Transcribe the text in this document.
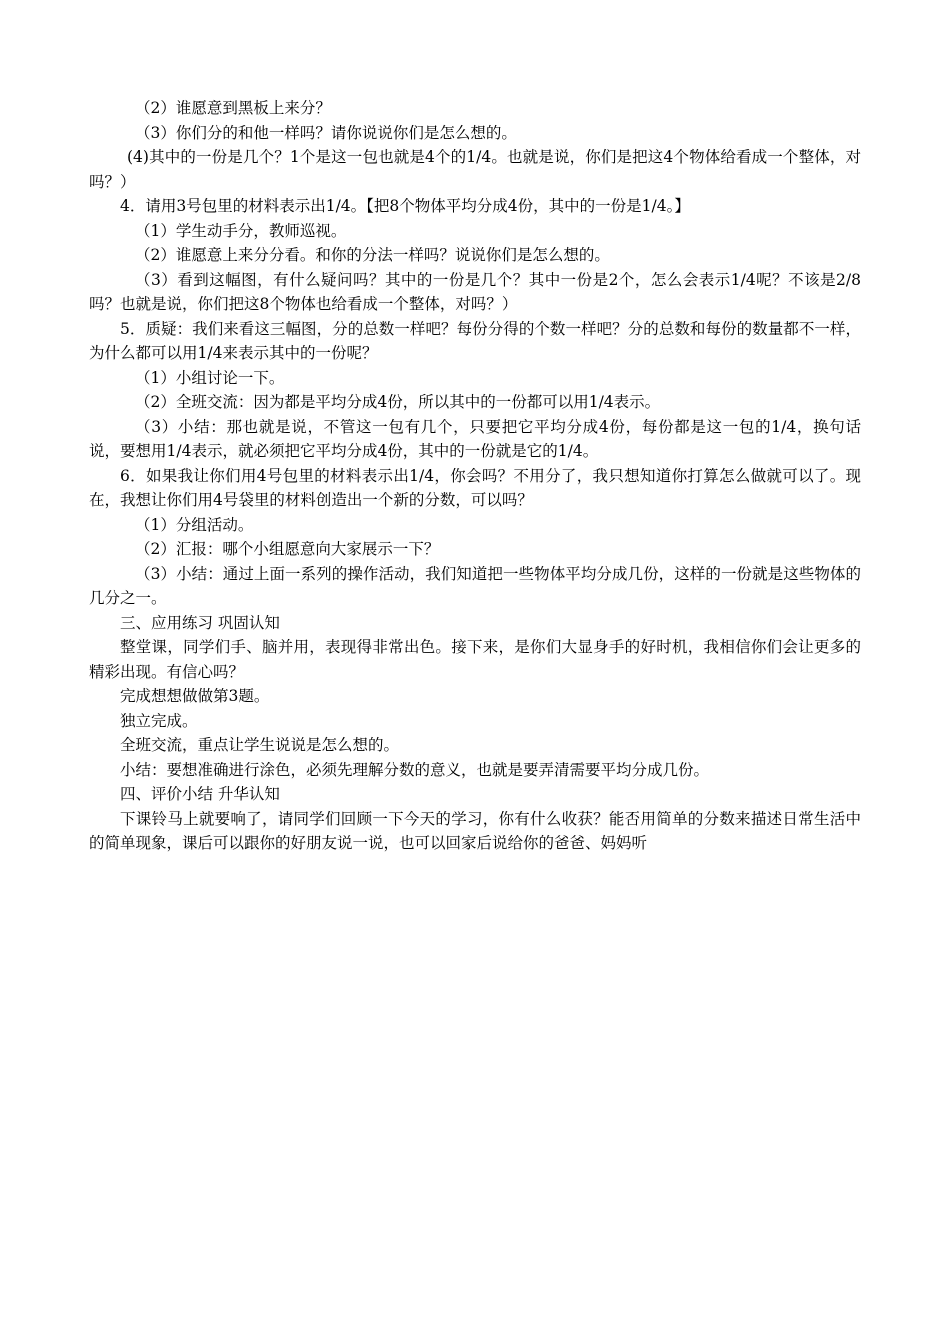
（2）谁愿意到黑板上来分？

（3）你们分的和他一样吗？请你说说你们是怎么想的。

(4)其中的一份是几个？1个是这一包也就是4个的1/4。也就是说，你们是把这4个物体给看成一个整体，对吗？）

4．请用3号包里的材料表示出1/4。【把8个物体平均分成4份，其中的一份是1/4。】

（1）学生动手分，教师巡视。

（2）谁愿意上来分分看。和你的分法一样吗？说说你们是怎么想的。

（3）看到这幅图，有什么疑问吗？其中的一份是几个？其中一份是2个，怎么会表示1/4呢？不该是2/8吗？也就是说，你们把这8个物体也给看成一个整体，对吗？）

5．质疑：我们来看这三幅图，分的总数一样吧？每份分得的个数一样吧？分的总数和每份的数量都不一样，为什么都可以用1/4来表示其中的一份呢？

（1）小组讨论一下。

（2）全班交流：因为都是平均分成4份，所以其中的一份都可以用1/4表示。

（3）小结：那也就是说，不管这一包有几个，只要把它平均分成4份，每份都是这一包的1/4，换句话说，要想用1/4表示，就必须把它平均分成4份，其中的一份就是它的1/4。

6．如果我让你们用4号包里的材料表示出1/4，你会吗？不用分了，我只想知道你打算怎么做就可以了。现在，我想让你们用4号袋里的材料创造出一个新的分数，可以吗？

（1）分组活动。

（2）汇报：哪个小组愿意向大家展示一下？

（3）小结：通过上面一系列的操作活动，我们知道把一些物体平均分成几份，这样的一份就是这些物体的几分之一。

三、应用练习 巩固认知

整堂课，同学们手、脑并用，表现得非常出色。接下来，是你们大显身手的好时机，我相信你们会让更多的精彩出现。有信心吗？

完成想想做做第3题。

独立完成。

全班交流，重点让学生说说是怎么想的。

小结：要想准确进行涂色，必须先理解分数的意义，也就是要弄清需要平均分成几份。

四、评价小结 升华认知

下课铃马上就要响了，请同学们回顾一下今天的学习，你有什么收获？能否用简单的分数来描述日常生活中的简单现象，课后可以跟你的好朋友说一说，也可以回家后说给你的爸爸、妈妈听
